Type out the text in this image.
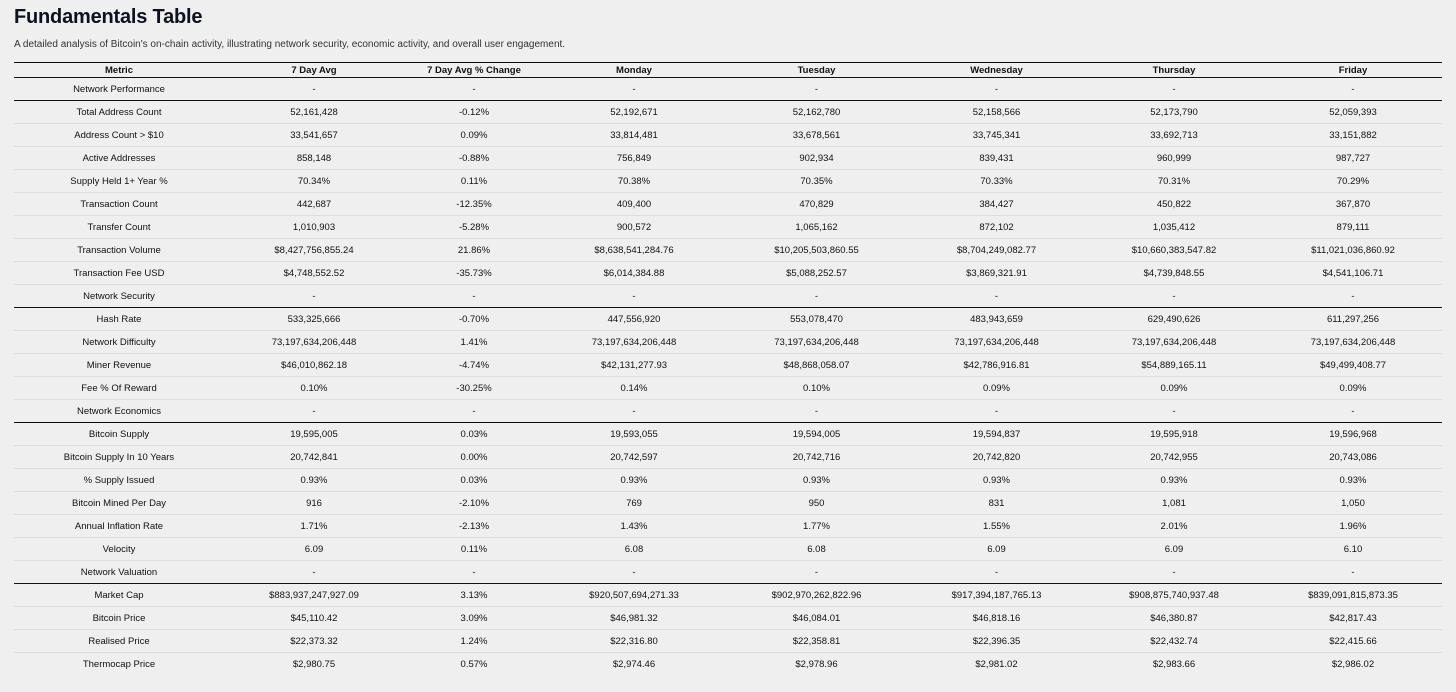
Fundamentals Table
A detailed analysis of Bitcoin's on-chain activity, illustrating network security, economic activity, and overall user engagement.
Metric	7 Day Avg	7 Day Avg % Change	Monday	Tuesday	Wednesday	Thursday	Friday
Network Performance	-	-	-	-	-	-	-
Total Address Count	52,161,428	-0.12%	52,192,671	52,162,780	52,158,566	52,173,790	52,059,393
Address Count > $10	33,541,657	0.09%	33,814,481	33,678,561	33,745,341	33,692,713	33,151,882
Active Addresses	858,148	-0.88%	756,849	902,934	839,431	960,999	987,727
Supply Held 1+ Year %	70.34%	0.11%	70.38%	70.35%	70.33%	70.31%	70.29%
Transaction Count	442,687	-12.35%	409,400	470,829	384,427	450,822	367,870
Transfer Count	1,010,903	-5.28%	900,572	1,065,162	872,102	1,035,412	879,111
Transaction Volume	$8,427,756,855.24	21.86%	$8,638,541,284.76	$10,205,503,860.55	$8,704,249,082.77	$10,660,383,547.82	$11,021,036,860.92
Transaction Fee USD	$4,748,552.52	-35.73%	$6,014,384.88	$5,088,252.57	$3,869,321.91	$4,739,848.55	$4,541,106.71
Network Security	-	-	-	-	-	-	-
Hash Rate	533,325,666	-0.70%	447,556,920	553,078,470	483,943,659	629,490,626	611,297,256
Network Difficulty	73,197,634,206,448	1.41%	73,197,634,206,448	73,197,634,206,448	73,197,634,206,448	73,197,634,206,448	73,197,634,206,448
Miner Revenue	$46,010,862.18	-4.74%	$42,131,277.93	$48,868,058.07	$42,786,916.81	$54,889,165.11	$49,499,408.77
Fee % Of Reward	0.10%	-30.25%	0.14%	0.10%	0.09%	0.09%	0.09%
Network Economics	-	-	-	-	-	-	-
Bitcoin Supply	19,595,005	0.03%	19,593,055	19,594,005	19,594,837	19,595,918	19,596,968
Bitcoin Supply In 10 Years	20,742,841	0.00%	20,742,597	20,742,716	20,742,820	20,742,955	20,743,086
% Supply Issued	0.93%	0.03%	0.93%	0.93%	0.93%	0.93%	0.93%
Bitcoin Mined Per Day	916	-2.10%	769	950	831	1,081	1,050
Annual Inflation Rate	1.71%	-2.13%	1.43%	1.77%	1.55%	2.01%	1.96%
Velocity	6.09	0.11%	6.08	6.08	6.09	6.09	6.10
Network Valuation	-	-	-	-	-	-	-
Market Cap	$883,937,247,927.09	3.13%	$920,507,694,271.33	$902,970,262,822.96	$917,394,187,765.13	$908,875,740,937.48	$839,091,815,873.35
Bitcoin Price	$45,110.42	3.09%	$46,981.32	$46,084.01	$46,818.16	$46,380.87	$42,817.43
Realised Price	$22,373.32	1.24%	$22,316.80	$22,358.81	$22,396.35	$22,432.74	$22,415.66
Thermocap Price	$2,980.75	0.57%	$2,974.46	$2,978.96	$2,981.02	$2,983.66	$2,986.02
